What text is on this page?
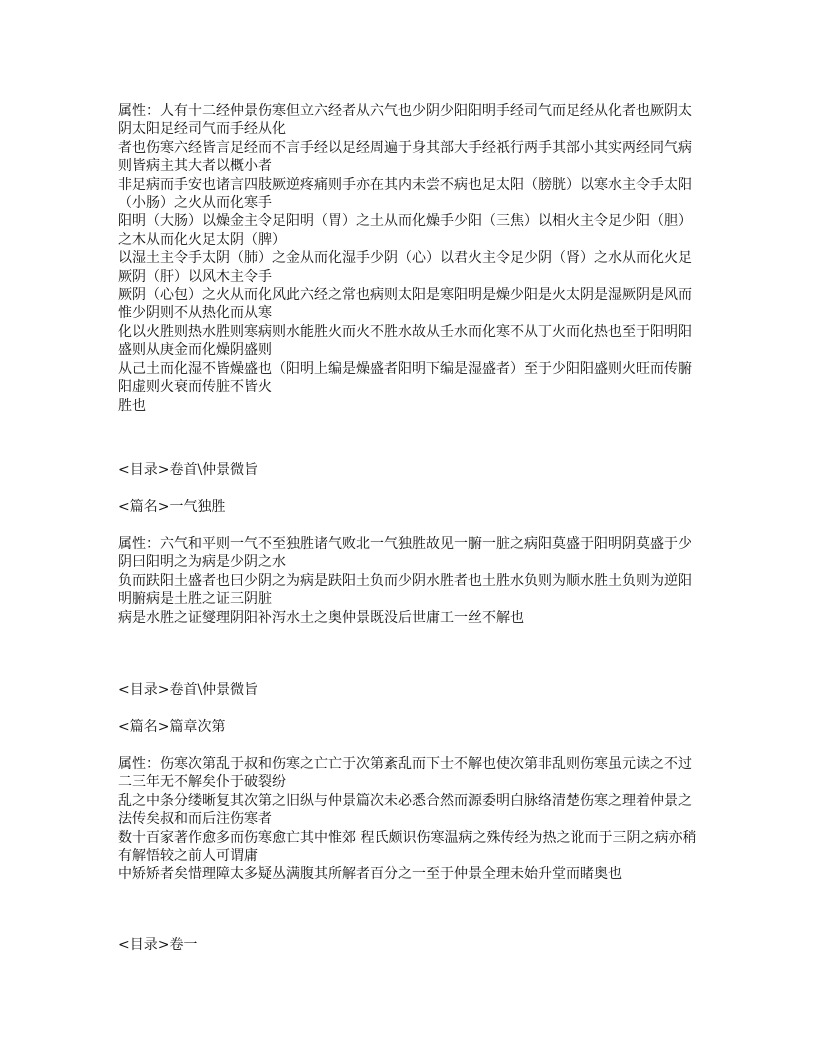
属性：人有十二经仲景伤寒但立六经者从六气也少阴少阳阳明手经司气而足经从化者也厥阴太阴太阳足经司气而手经从化
者也伤寒六经皆言足经而不言手经以足经周遍于身其部大手经祇行两手其部小其实两经同气病则皆病主其大者以概小者
非足病而手安也诸言四肢厥逆疼痛则手亦在其内未尝不病也足太阳（膀胱）以寒水主令手太阳（小肠）之火从而化寒手
阳明（大肠）以燥金主令足阳明（胃）之土从而化燥手少阳（三焦）以相火主令足少阳（胆）之木从而化火足太阴（脾）
以湿土主令手太阴（肺）之金从而化湿手少阴（心）以君火主令足少阴（肾）之水从而化火足厥阴（肝）以风木主令手
厥阴（心包）之火从而化风此六经之常也病则太阳是寒阳明是燥少阳是火太阴是湿厥阴是风而惟少阴则不从热化而从寒
化以火胜则热水胜则寒病则水能胜火而火不胜水故从壬水而化寒不从丁火而化热也至于阳明阳盛则从庚金而化燥阴盛则
从己土而化湿不皆燥盛也（阳明上编是燥盛者阳明下编是湿盛者）至于少阳阳盛则火旺而传腑阳虚则火衰而传脏不皆火
胜也
<目录>卷首\仲景微旨
<篇名>一气独胜
属性：六气和平则一气不至独胜诸气败北一气独胜故见一腑一脏之病阳莫盛于阳明阴莫盛于少阴曰阳明之为病是少阴之水
负而趺阳土盛者也曰少阴之为病是趺阳土负而少阴水胜者也土胜水负则为顺水胜土负则为逆阳明腑病是土胜之证三阴脏
病是水胜之证燮理阴阳补泻水土之奥仲景既没后世庸工一丝不解也
<目录>卷首\仲景微旨
<篇名>篇章次第
属性：伤寒次第乱于叔和伤寒之亡亡于次第紊乱而下士不解也使次第非乱则伤寒虽元读之不过二三年无不解矣仆于破裂纷
乱之中条分缕晰复其次第之旧纵与仲景篇次未必悉合然而源委明白脉络清楚伤寒之理着仲景之法传矣叔和而后注伤寒者
数十百家著作愈多而伤寒愈亡其中惟郊 程氏颇识伤寒温病之殊传经为热之讹而于三阴之病亦稍有解悟较之前人可谓庸
中矫矫者矣惜理障太多疑丛满腹其所解者百分之一至于仲景全理未始升堂而睹奥也
<目录>卷一
